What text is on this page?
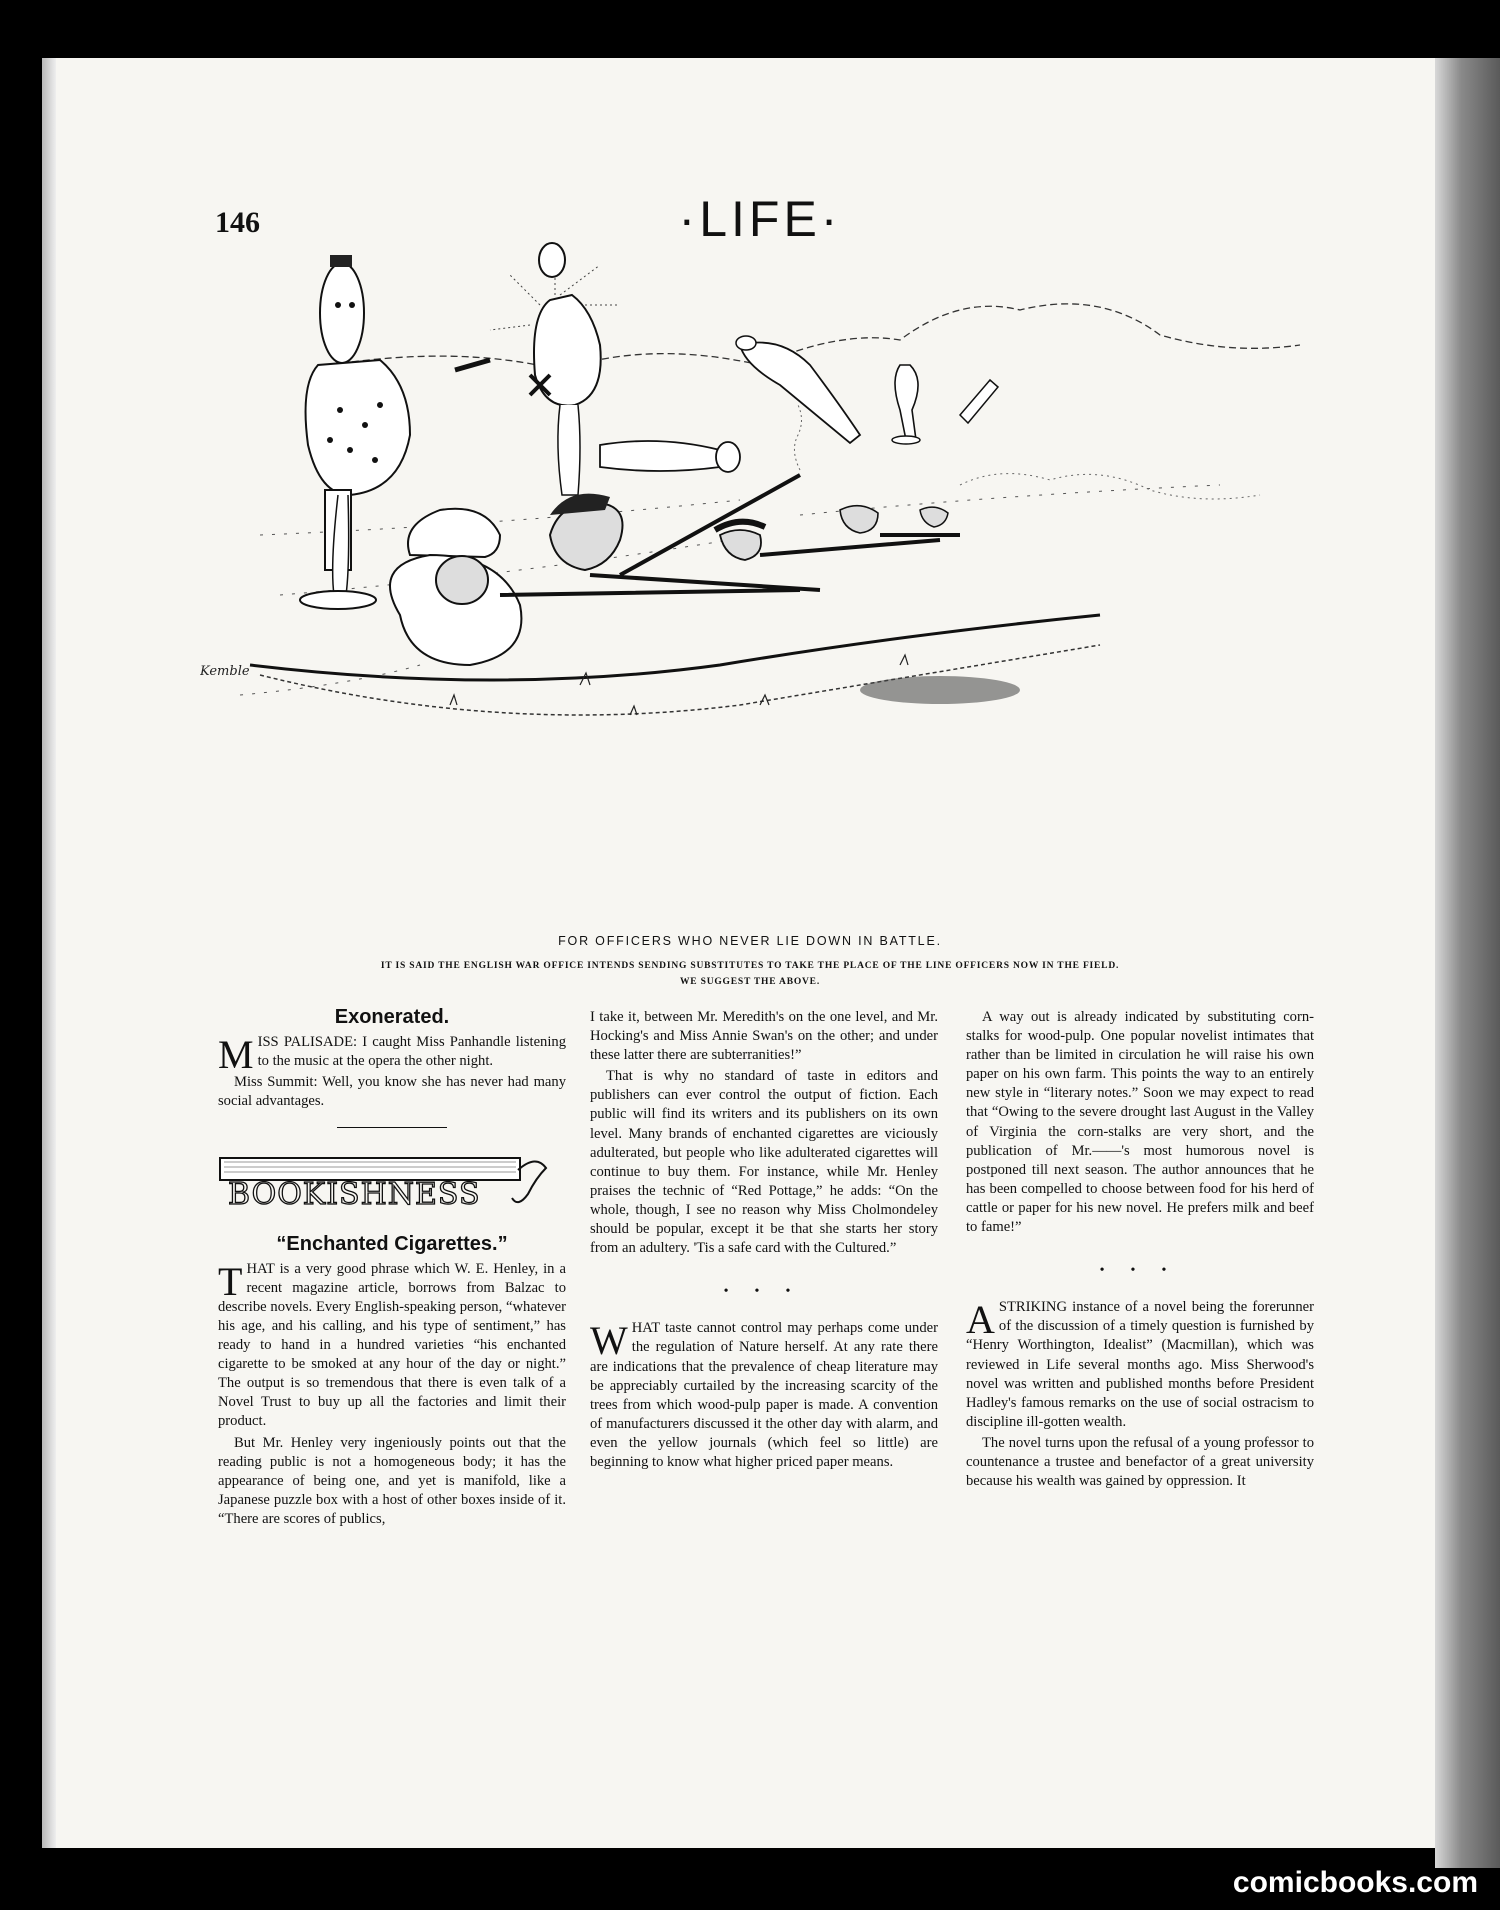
146	·LIFE·
Kemble
FOR OFFICERS WHO NEVER LIE DOWN IN BATTLE.
IT IS SAID THE ENGLISH WAR OFFICE INTENDS SENDING SUBSTITUTES TO TAKE THE PLACE OF THE LINE OFFICERS NOW IN THE FIELD.
WE SUGGEST THE ABOVE.
Exonerated.

MISS PALISADE: I caught Miss Panhandle listening to the music at the opera the other night.

Miss Summit: Well, you know she has never had many social advantages.

BOOKISHNESS
“Enchanted Cigarettes.”

THAT is a very good phrase which W. E. Henley, in a recent magazine article, borrows from Balzac to describe novels. Every English-speaking person, “whatever his age, and his calling, and his type of sentiment,” has ready to hand in a hundred varieties “his enchanted cigarette to be smoked at any hour of the day or night.” The output is so tremendous that there is even talk of a Novel Trust to buy up all the factories and limit their product.

But Mr. Henley very ingeniously points out that the reading public is not a homogeneous body; it has the appearance of being one, and yet is manifold, like a Japanese puzzle box with a host of other boxes inside of it. “There are scores of publics,

I take it, between Mr. Meredith's on the one level, and Mr. Hocking's and Miss Annie Swan's on the other; and under these latter there are subterranities!”

That is why no standard of taste in editors and publishers can ever control the output of fiction. Each public will find its writers and its publishers on its own level. Many brands of enchanted cigarettes are viciously adulterated, but people who like adulterated cigarettes will continue to buy them. For instance, while Mr. Henley praises the technic of “Red Pottage,” he adds: “On the whole, though, I see no reason why Miss Cholmondeley should be popular, except it be that she starts her story from an adultery. 'Tis a safe card with the Cultured.”

•••

WHAT taste cannot control may perhaps come under the regulation of Nature herself. At any rate there are indications that the prevalence of cheap literature may be appreciably curtailed by the increasing scarcity of the trees from which wood-pulp paper is made. A convention of manufacturers discussed it the other day with alarm, and even the yellow journals (which feel so little) are beginning to know what higher priced paper means.

A way out is already indicated by substituting corn-stalks for wood-pulp. One popular novelist intimates that rather than be limited in circulation he will raise his own paper on his own farm. This points the way to an entirely new style in “literary notes.” Soon we may expect to read that “Owing to the severe drought last August in the Valley of Virginia the corn-stalks are very short, and the publication of Mr.——'s most humorous novel is postponed till next season. The author announces that he has been compelled to choose between food for his herd of cattle or paper for his new novel. He prefers milk and beef to fame!”

•••

ASTRIKING instance of a novel being the forerunner of the discussion of a timely question is furnished by “Henry Worthington, Idealist” (Macmillan), which was reviewed in Life several months ago. Miss Sherwood's novel was written and published months before President Hadley's famous remarks on the use of social ostracism to discipline ill-gotten wealth.

The novel turns upon the refusal of a young professor to countenance a trustee and benefactor of a great university because his wealth was gained by oppression. It

comicbooks.com
